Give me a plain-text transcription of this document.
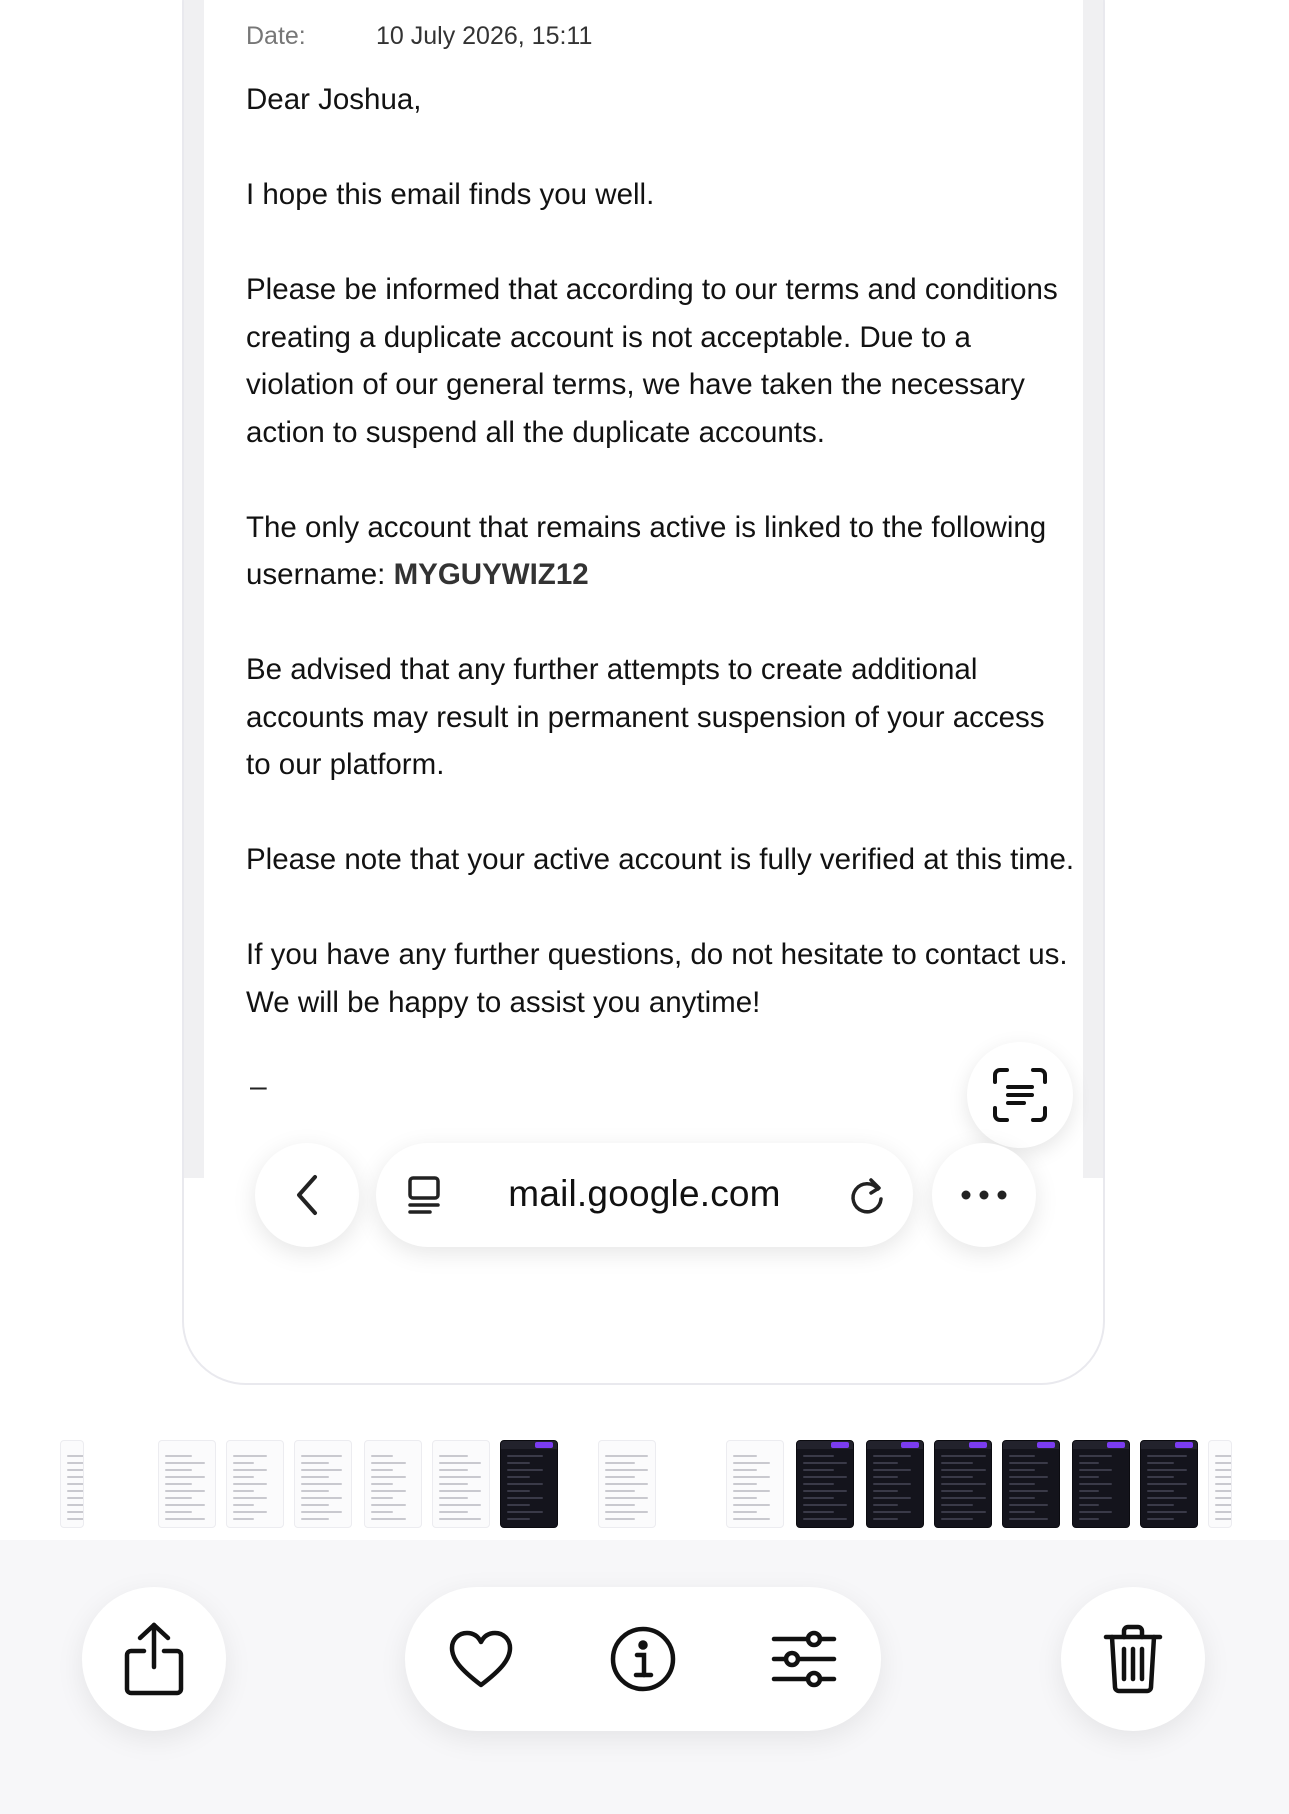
Date:	10 July 2026, 15:11

Dear Joshua,

I hope this email finds you well.

Please be informed that according to our terms and conditions creating a duplicate account is not acceptable. Due to a violation of our general terms, we have taken the necessary action to suspend all the duplicate accounts.

The only account that remains active is linked to the following username: MYGUYWIZ12

Be advised that any further attempts to create additional accounts may result in permanent suspension of your access to our platform.

Please note that your active account is fully verified at this time.

If you have any further questions, do not hesitate to contact us. We will be happy to assist you anytime!

–
mail.google.com
